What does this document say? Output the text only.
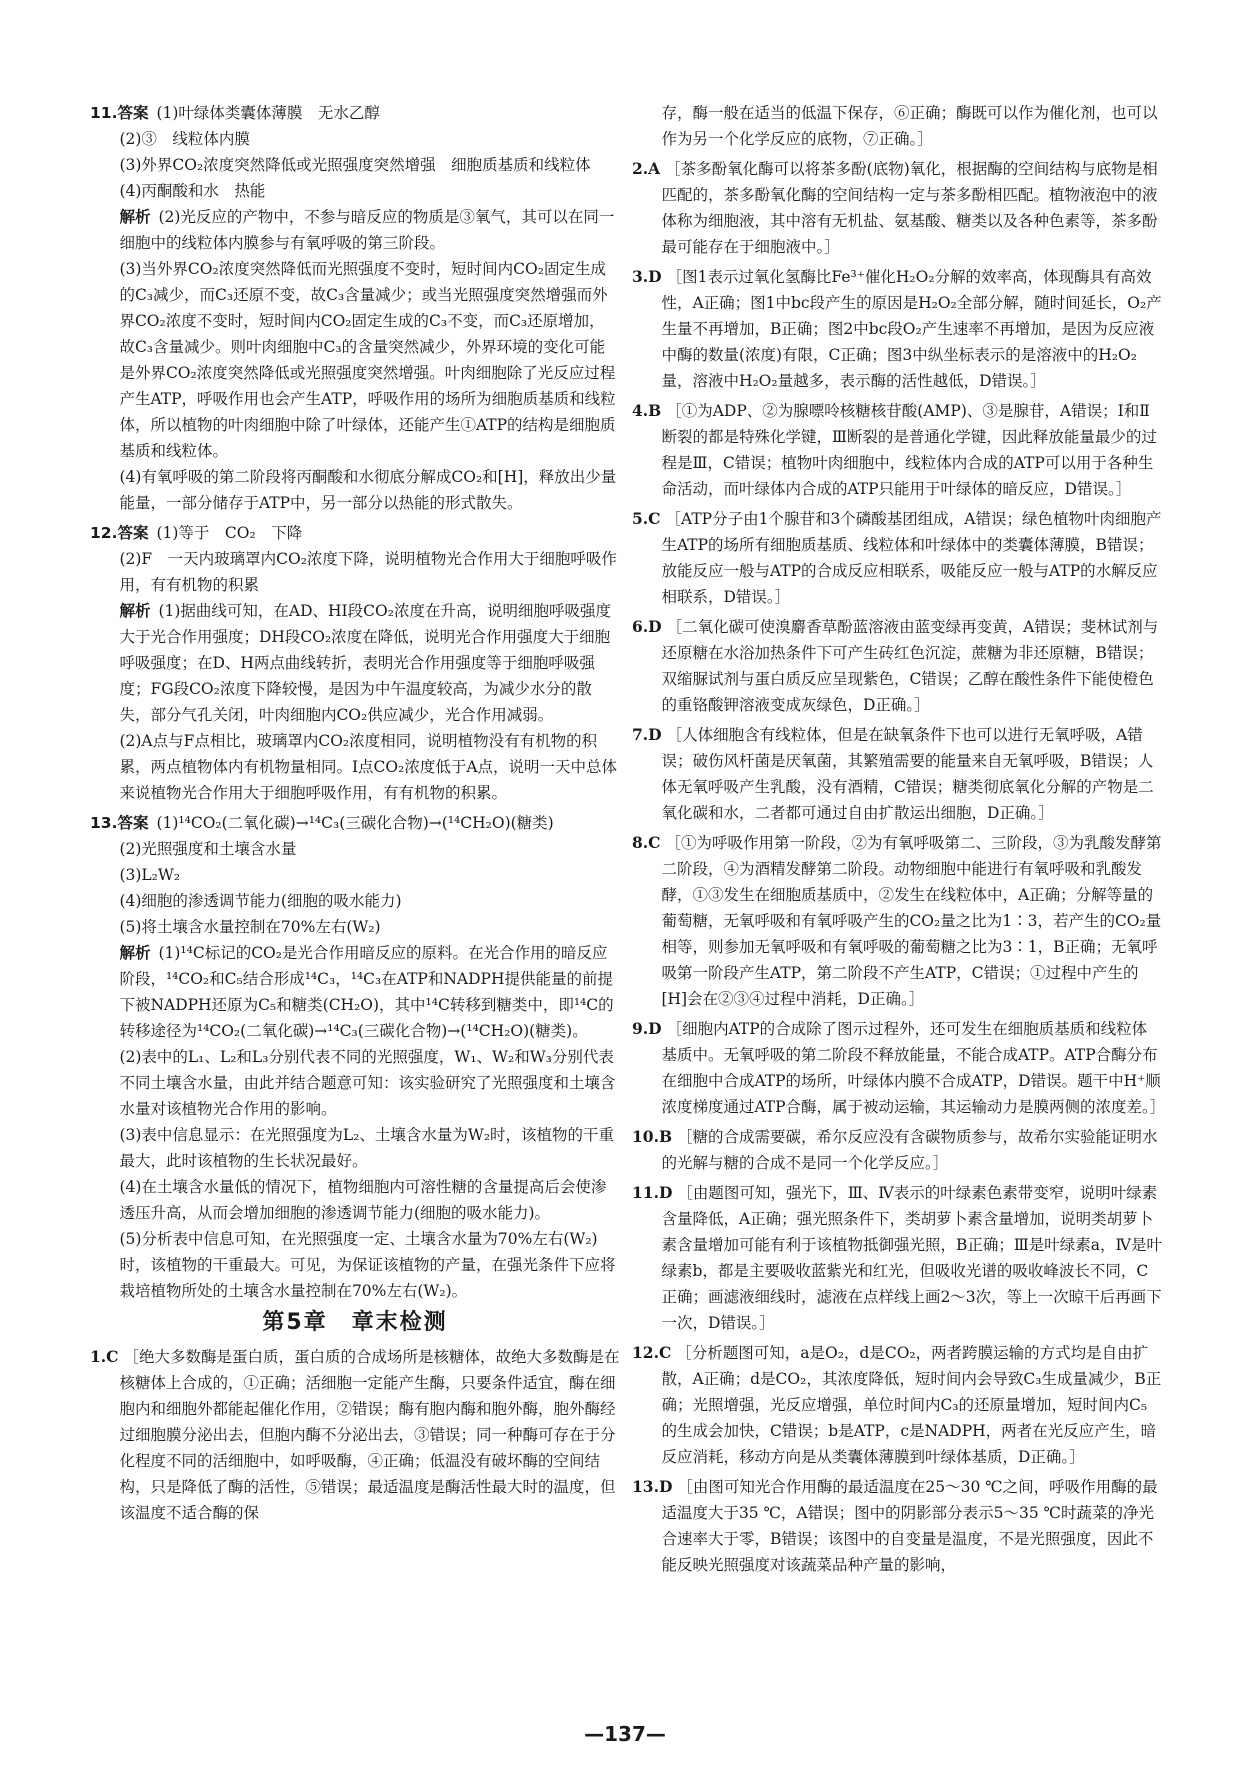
11.答案 (1)叶绿体类囊体薄膜　无水乙醇

(2)③　线粒体内膜

(3)外界CO₂浓度突然降低或光照强度突然增强　细胞质基质和线粒体

(4)丙酮酸和水　热能

解析 (2)光反应的产物中，不参与暗反应的物质是③氧气，其可以在同一细胞中的线粒体内膜参与有氧呼吸的第三阶段。

(3)当外界CO₂浓度突然降低而光照强度不变时，短时间内CO₂固定生成的C₃减少，而C₃还原不变，故C₃含量减少；或当光照强度突然增强而外界CO₂浓度不变时，短时间内CO₂固定生成的C₃不变，而C₃还原增加，故C₃含量减少。则叶肉细胞中C₃的含量突然减少，外界环境的变化可能是外界CO₂浓度突然降低或光照强度突然增强。叶肉细胞除了光反应过程产生ATP，呼吸作用也会产生ATP，呼吸作用的场所为细胞质基质和线粒体，所以植物的叶肉细胞中除了叶绿体，还能产生①ATP的结构是细胞质基质和线粒体。

(4)有氧呼吸的第二阶段将丙酮酸和水彻底分解成CO₂和[H]，释放出少量能量，一部分储存于ATP中，另一部分以热能的形式散失。

12.答案 (1)等于　CO₂　下降

(2)F　一天内玻璃罩内CO₂浓度下降，说明植物光合作用大于细胞呼吸作用，有有机物的积累

解析 (1)据曲线可知，在AD、HI段CO₂浓度在升高，说明细胞呼吸强度大于光合作用强度；DH段CO₂浓度在降低，说明光合作用强度大于细胞呼吸强度；在D、H两点曲线转折，表明光合作用强度等于细胞呼吸强度；FG段CO₂浓度下降较慢，是因为中午温度较高，为减少水分的散失，部分气孔关闭，叶肉细胞内CO₂供应减少，光合作用减弱。

(2)A点与F点相比，玻璃罩内CO₂浓度相同，说明植物没有有机物的积累，两点植物体内有机物量相同。I点CO₂浓度低于A点，说明一天中总体来说植物光合作用大于细胞呼吸作用，有有机物的积累。

13.答案 (1)¹⁴CO₂(二氧化碳)→¹⁴C₃(三碳化合物)→(¹⁴CH₂O)(糖类)

(2)光照强度和土壤含水量

(3)L₂W₂

(4)细胞的渗透调节能力(细胞的吸水能力)

(5)将土壤含水量控制在70%左右(W₂)

解析 (1)¹⁴C标记的CO₂是光合作用暗反应的原料。在光合作用的暗反应阶段，¹⁴CO₂和C₅结合形成¹⁴C₃，¹⁴C₃在ATP和NADPH提供能量的前提下被NADPH还原为C₅和糖类(CH₂O)，其中¹⁴C转移到糖类中，即¹⁴C的转移途径为¹⁴CO₂(二氧化碳)→¹⁴C₃(三碳化合物)→(¹⁴CH₂O)(糖类)。

(2)表中的L₁、L₂和L₃分别代表不同的光照强度，W₁、W₂和W₃分别代表不同土壤含水量，由此并结合题意可知：该实验研究了光照强度和土壤含水量对该植物光合作用的影响。

(3)表中信息显示：在光照强度为L₂、土壤含水量为W₂时，该植物的干重最大，此时该植物的生长状况最好。

(4)在土壤含水量低的情况下，植物细胞内可溶性糖的含量提高后会使渗透压升高，从而会增加细胞的渗透调节能力(细胞的吸水能力)。

(5)分析表中信息可知，在光照强度一定、土壤含水量为70%左右(W₂)时，该植物的干重最大。可见，为保证该植物的产量，在强光条件下应将栽培植物所处的土壤含水量控制在70%左右(W₂)。

第5章　章末检测

1.C ［绝大多数酶是蛋白质，蛋白质的合成场所是核糖体，故绝大多数酶是在核糖体上合成的，①正确；活细胞一定能产生酶，只要条件适宜，酶在细胞内和细胞外都能起催化作用，②错误；酶有胞内酶和胞外酶，胞外酶经过细胞膜分泌出去，但胞内酶不分泌出去，③错误；同一种酶可存在于分化程度不同的活细胞中，如呼吸酶，④正确；低温没有破坏酶的空间结构，只是降低了酶的活性，⑤错误；最适温度是酶活性最大时的温度，但该温度不适合酶的保

存，酶一般在适当的低温下保存，⑥正确；酶既可以作为催化剂，也可以作为另一个化学反应的底物，⑦正确。］

2.A ［茶多酚氧化酶可以将茶多酚(底物)氧化，根据酶的空间结构与底物是相匹配的，茶多酚氧化酶的空间结构一定与茶多酚相匹配。植物液泡中的液体称为细胞液，其中溶有无机盐、氨基酸、糖类以及各种色素等，茶多酚最可能存在于细胞液中。］

3.D ［图1表示过氧化氢酶比Fe³⁺催化H₂O₂分解的效率高，体现酶具有高效性，A正确；图1中bc段产生的原因是H₂O₂全部分解，随时间延长，O₂产生量不再增加，B正确；图2中bc段O₂产生速率不再增加，是因为反应液中酶的数量(浓度)有限，C正确；图3中纵坐标表示的是溶液中的H₂O₂量，溶液中H₂O₂量越多，表示酶的活性越低，D错误。］

4.B ［①为ADP、②为腺嘌呤核糖核苷酸(AMP)、③是腺苷，A错误；Ⅰ和Ⅱ断裂的都是特殊化学键，Ⅲ断裂的是普通化学键，因此释放能量最少的过程是Ⅲ，C错误；植物叶肉细胞中，线粒体内合成的ATP可以用于各种生命活动，而叶绿体内合成的ATP只能用于叶绿体的暗反应，D错误。］

5.C ［ATP分子由1个腺苷和3个磷酸基团组成，A错误；绿色植物叶肉细胞产生ATP的场所有细胞质基质、线粒体和叶绿体中的类囊体薄膜，B错误；放能反应一般与ATP的合成反应相联系，吸能反应一般与ATP的水解反应相联系，D错误。］

6.D ［二氧化碳可使溴麝香草酚蓝溶液由蓝变绿再变黄，A错误；斐林试剂与还原糖在水浴加热条件下可产生砖红色沉淀，蔗糖为非还原糖，B错误；双缩脲试剂与蛋白质反应呈现紫色，C错误；乙醇在酸性条件下能使橙色的重铬酸钾溶液变成灰绿色，D正确。］

7.D ［人体细胞含有线粒体，但是在缺氧条件下也可以进行无氧呼吸，A错误；破伤风杆菌是厌氧菌，其繁殖需要的能量来自无氧呼吸，B错误；人体无氧呼吸产生乳酸，没有酒精，C错误；糖类彻底氧化分解的产物是二氧化碳和水，二者都可通过自由扩散运出细胞，D正确。］

8.C ［①为呼吸作用第一阶段，②为有氧呼吸第二、三阶段，③为乳酸发酵第二阶段，④为酒精发酵第二阶段。动物细胞中能进行有氧呼吸和乳酸发酵，①③发生在细胞质基质中，②发生在线粒体中，A正确；分解等量的葡萄糖，无氧呼吸和有氧呼吸产生的CO₂量之比为1∶3，若产生的CO₂量相等，则参加无氧呼吸和有氧呼吸的葡萄糖之比为3∶1，B正确；无氧呼吸第一阶段产生ATP，第二阶段不产生ATP，C错误；①过程中产生的[H]会在②③④过程中消耗，D正确。］

9.D ［细胞内ATP的合成除了图示过程外，还可发生在细胞质基质和线粒体基质中。无氧呼吸的第二阶段不释放能量，不能合成ATP。ATP合酶分布在细胞中合成ATP的场所，叶绿体内膜不合成ATP，D错误。题干中H⁺顺浓度梯度通过ATP合酶，属于被动运输，其运输动力是膜两侧的浓度差。］

10.B ［糖的合成需要碳，希尔反应没有含碳物质参与，故希尔实验能证明水的光解与糖的合成不是同一个化学反应。］

11.D ［由题图可知，强光下，Ⅲ、Ⅳ表示的叶绿素色素带变窄，说明叶绿素含量降低，A正确；强光照条件下，类胡萝卜素含量增加，说明类胡萝卜素含量增加可能有利于该植物抵御强光照，B正确；Ⅲ是叶绿素a，Ⅳ是叶绿素b，都是主要吸收蓝紫光和红光，但吸收光谱的吸收峰波长不同，C正确；画滤液细线时，滤液在点样线上画2～3次，等上一次晾干后再画下一次，D错误。］

12.C ［分析题图可知，a是O₂，d是CO₂，两者跨膜运输的方式均是自由扩散，A正确；d是CO₂，其浓度降低，短时间内会导致C₃生成量减少，B正确；光照增强，光反应增强，单位时间内C₃的还原量增加，短时间内C₅的生成会加快，C错误；b是ATP，c是NADPH，两者在光反应产生，暗反应消耗，移动方向是从类囊体薄膜到叶绿体基质，D正确。］

13.D ［由图可知光合作用酶的最适温度在25～30 ℃之间，呼吸作用酶的最适温度大于35 ℃，A错误；图中的阴影部分表示5～35 ℃时蔬菜的净光合速率大于零，B错误；该图中的自变量是温度，不是光照强度，因此不能反映光照强度对该蔬菜品种产量的影响，

—137—
